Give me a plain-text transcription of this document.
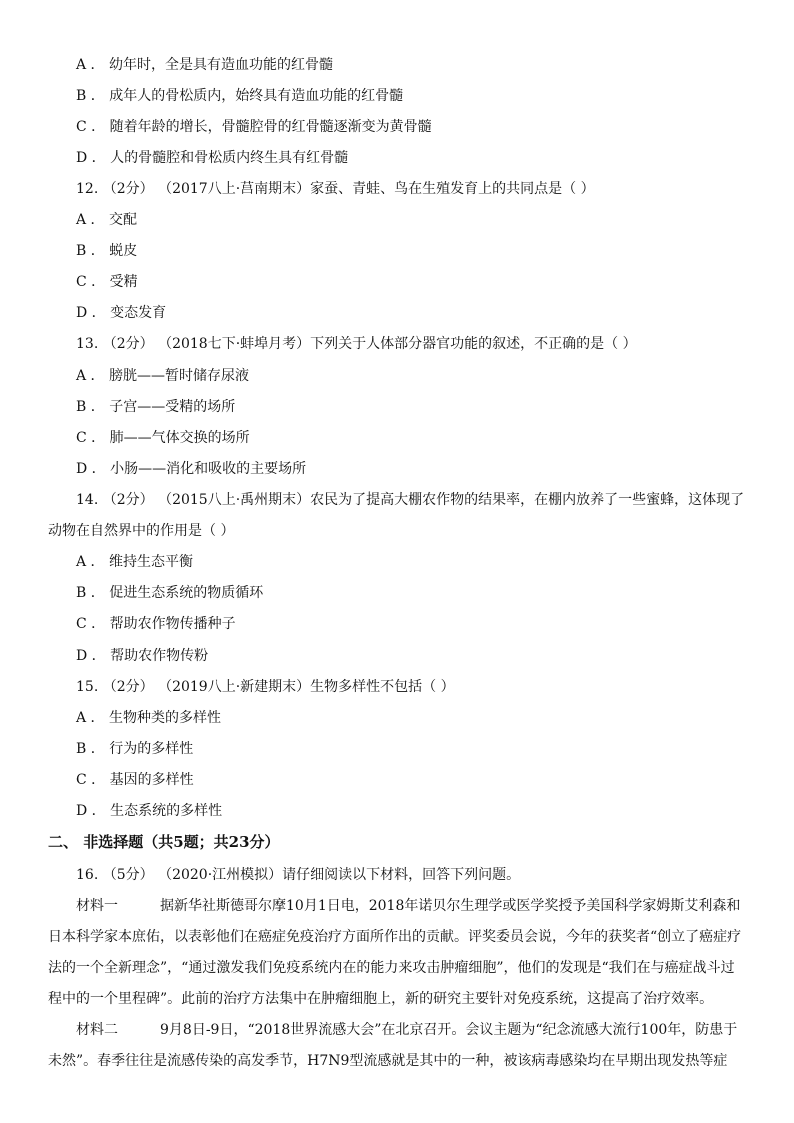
A ． 幼年时，全是具有造血功能的红骨髓
B ． 成年人的骨松质内，始终具有造血功能的红骨髓
C ． 随着年龄的增长，骨髓腔骨的红骨髓逐渐变为黄骨髓
D ． 人的骨髓腔和骨松质内终生具有红骨髓
12. （2分） （2017八上·莒南期末）家蚕、青蛙、鸟在生殖发育上的共同点是（ ）
A ． 交配
B ． 蜕皮
C ． 受精
D ． 变态发育
13. （2分） （2018七下·蚌埠月考）下列关于人体部分器官功能的叙述，不正确的是（ ）
A ． 膀胱——暂时储存尿液
B ． 子宫——受精的场所
C ． 肺——气体交换的场所
D ． 小肠——消化和吸收的主要场所
14. （2分） （2015八上·禹州期末）农民为了提高大棚农作物的结果率，在棚内放养了一些蜜蜂，这体现了
动物在自然界中的作用是（ ）
A ． 维持生态平衡
B ． 促进生态系统的物质循环
C ． 帮助农作物传播种子
D ． 帮助农作物传粉
15. （2分） （2019八上·新建期末）生物多样性不包括（ ）
A ． 生物种类的多样性
B ． 行为的多样性
C ． 基因的多样性
D ． 生态系统的多样性
二、 非选择题（共5题；共23分）
16. （5分） （2020·江州模拟）请仔细阅读以下材料，回答下列问题。
材料一	据新华社斯德哥尔摩10月1日电，2018年诺贝尔生理学或医学奖授予美国科学家姆斯艾利森和日本科学家本庶佑，以表彰他们在癌症免疫治疗方面所作出的贡献。评奖委员会说，今年的获奖者“创立了癌症疗法的一个全新理念”，“通过激发我们免疫系统内在的能力来攻击肿瘤细胞”，他们的发现是“我们在与癌症战斗过程中的一个里程碑”。此前的治疗方法集中在肿瘤细胞上，新的研究主要针对免疫系统，这提高了治疗效率。
材料二	9月8日-9日，“2018世界流感大会”在北京召开。会议主题为“纪念流感大流行100年，防患于未然”。春季往往是流感传染的高发季节，H7N9型流感就是其中的一种，被该病毒感染均在早期出现发热等症
